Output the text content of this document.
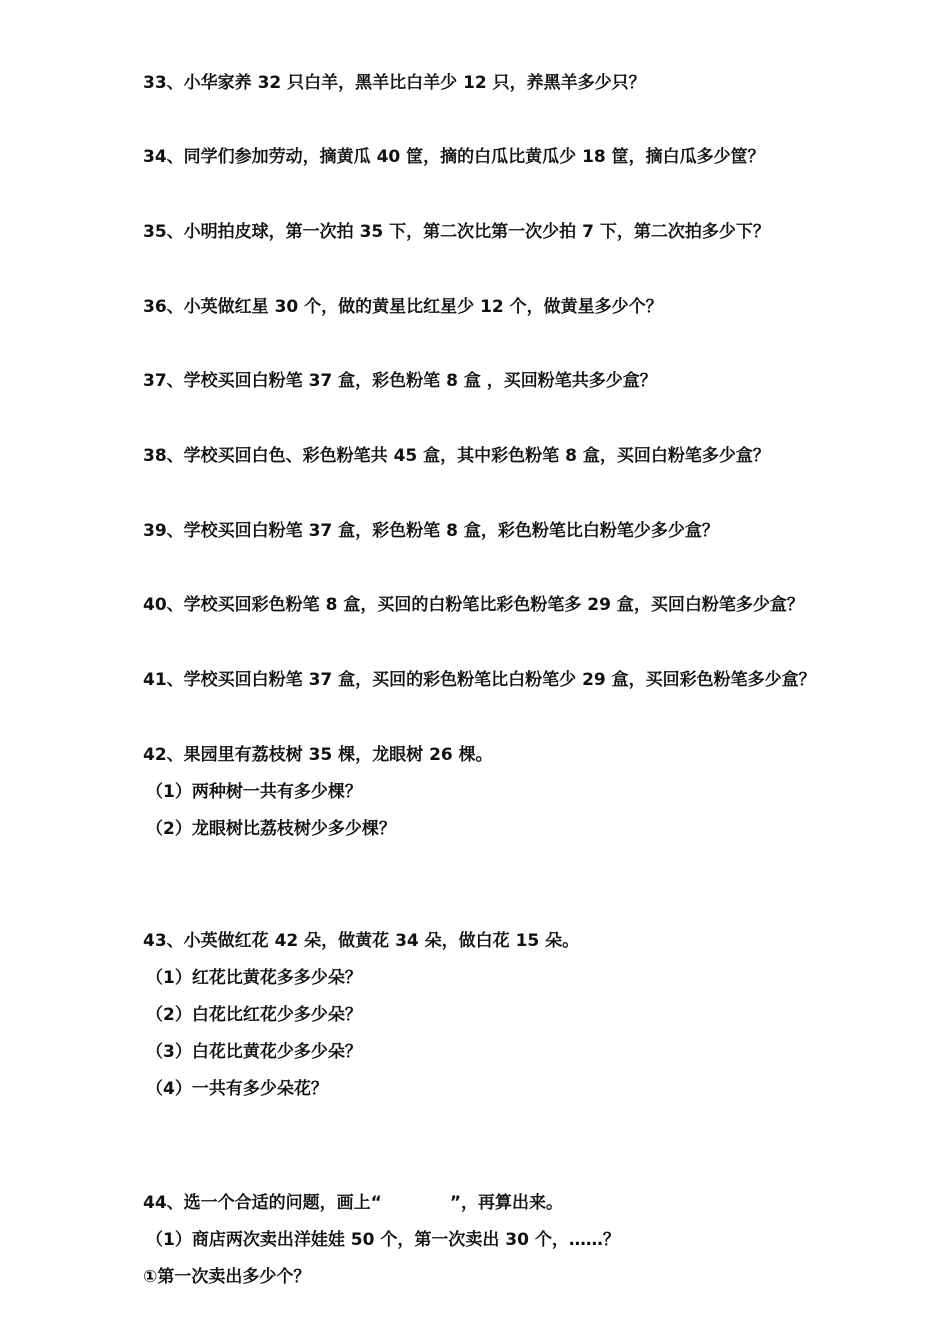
33、小华家养 32 只白羊，黑羊比白羊少 12 只，养黑羊多少只？
34、同学们参加劳动，摘黄瓜 40 筐，摘的白瓜比黄瓜少 18 筐，摘白瓜多少筐？
35、小明拍皮球，第一次拍 35 下，第二次比第一次少拍 7 下，第二次拍多少下？
36、小英做红星 30 个，做的黄星比红星少 12 个，做黄星多少个？
37、学校买回白粉笔 37 盒，彩色粉笔 8 盒 ，买回粉笔共多少盒？
38、学校买回白色、彩色粉笔共 45 盒，其中彩色粉笔 8 盒，买回白粉笔多少盒？
39、学校买回白粉笔 37 盒，彩色粉笔 8 盒，彩色粉笔比白粉笔少多少盒？
40、学校买回彩色粉笔 8 盒，买回的白粉笔比彩色粉笔多 29 盒，买回白粉笔多少盒？
41、学校买回白粉笔 37 盒，买回的彩色粉笔比白粉笔少 29 盒，买回彩色粉笔多少盒？
42、果园里有荔枝树 35 棵，龙眼树 26 棵。
（1）两种树一共有多少棵？
（2）龙眼树比荔枝树少多少棵？
43、小英做红花 42 朵，做黄花 34 朵，做白花 15 朵。
（1）红花比黄花多多少朵？
（2）白花比红花少多少朵？
（3）白花比黄花少多少朵？
（4）一共有多少朵花？
44、选一个合适的问题，画上“　　　　”，再算出来。
（1）商店两次卖出洋娃娃 50 个，第一次卖出 30 个，……？
①第一次卖出多少个？
